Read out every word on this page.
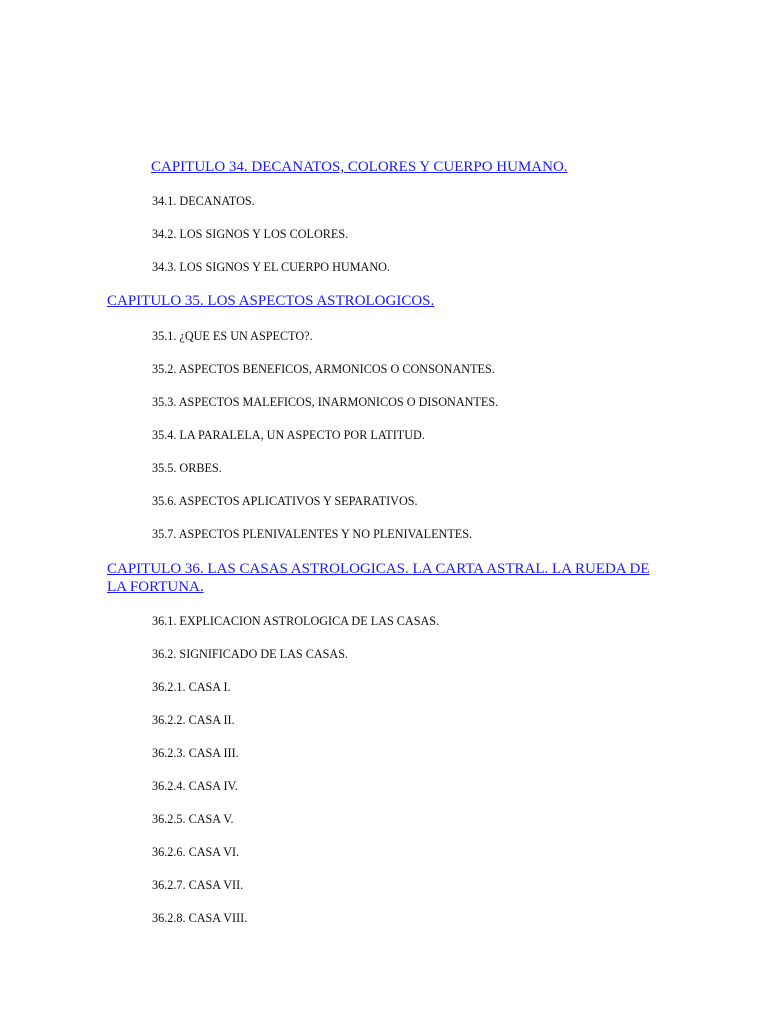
CAPITULO 34. DECANATOS, COLORES Y CUERPO HUMANO.

34.1. DECANATOS.

34.2. LOS SIGNOS Y LOS COLORES.

34.3. LOS SIGNOS Y EL CUERPO HUMANO.

CAPITULO 35. LOS ASPECTOS ASTROLOGICOS.

35.1. ¿QUE ES UN ASPECTO?.

35.2. ASPECTOS BENEFICOS, ARMONICOS O CONSONANTES.

35.3. ASPECTOS MALEFICOS, INARMONICOS O DISONANTES.

35.4. LA PARALELA, UN ASPECTO POR LATITUD.

35.5. ORBES.

35.6. ASPECTOS APLICATIVOS Y SEPARATIVOS.

35.7. ASPECTOS PLENIVALENTES Y NO PLENIVALENTES.

CAPITULO 36. LAS CASAS ASTROLOGICAS. LA CARTA ASTRAL. LA RUEDA DE LA FORTUNA.

36.1. EXPLICACION ASTROLOGICA DE LAS CASAS.

36.2. SIGNIFICADO DE LAS CASAS.

36.2.1. CASA I.

36.2.2. CASA II.

36.2.3. CASA III.

36.2.4. CASA IV.

36.2.5. CASA V.

36.2.6. CASA VI.

36.2.7. CASA VII.

36.2.8. CASA VIII.
